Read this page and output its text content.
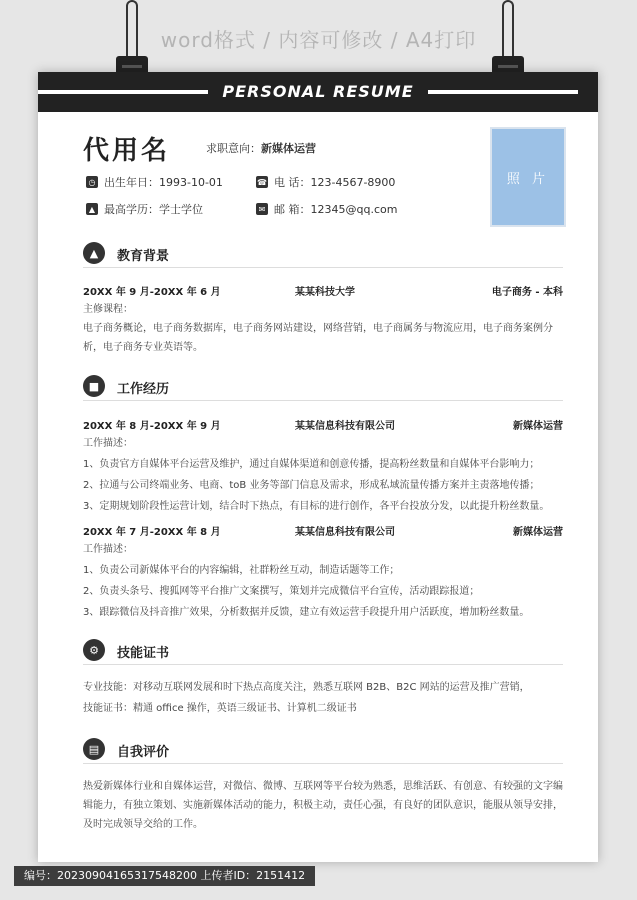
word格式 / 内容可修改 / A4打印
PERSONAL RESUME
代用名	求职意向：新媒体运营
照 片
◷ 出生年日：1993-10-01	☎ 电 话：123-4567-8900
▲ 最高学历：学士学位	✉ 邮 箱：12345@qq.com
▲	教育背景
20XX 年 9 月-20XX 年 6 月	某某科技大学	电子商务 - 本科
主修课程：
电子商务概论，电子商务数据库，电子商务网站建设，网络营销，电子商属务与物流应用，电子商务案例分析，电子商务专业英语等。
■	工作经历
20XX 年 8 月-20XX 年 9 月	某某信息科技有限公司	新媒体运营
工作描述：
1、负责官方自媒体平台运营及维护，通过自媒体渠道和创意传播，提高粉丝数量和自媒体平台影响力；
2、拉通与公司终端业务、电商、toB 业务等部门信息及需求，形成私域流量传播方案并主责落地传播；
3、定期规划阶段性运营计划，结合时下热点，有目标的进行创作，各平台投放分发，以此提升粉丝数量。
20XX 年 7 月-20XX 年 8 月	某某信息科技有限公司	新媒体运营
工作描述：
1、负责公司新媒体平台的内容编辑，社群粉丝互动，制造话题等工作；
2、负责头条号、搜狐网等平台推广文案撰写，策划并完成微信平台宣传，活动跟踪报道；
3、跟踪微信及抖音推广效果，分析数据并反馈，建立有效运营手段提升用户活跃度，增加粉丝数量。
⚙	技能证书
专业技能：对移动互联网发展和时下热点高度关注，熟悉互联网 B2B、B2C 网站的运营及推广营销，
技能证书：精通 office 操作，英语三级证书、计算机二级证书
▤	自我评价
热爱新媒体行业和自媒体运营，对微信、微博、互联网等平台较为熟悉，思维活跃、有创意、有较强的文字编辑能力，有独立策划、实施新媒体活动的能力，积极主动，责任心强，有良好的团队意识，能服从领导安排，及时完成领导交给的工作。
编号：20230904165317548200 上传者ID：2151412
